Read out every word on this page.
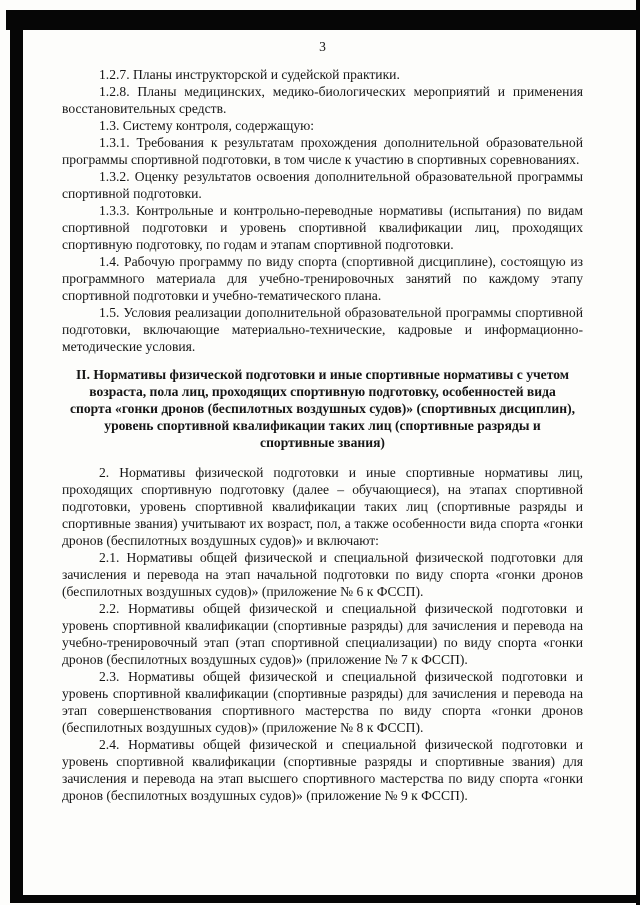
3

1.2.7. Планы инструкторской и судейской практики.

1.2.8. Планы медицинских, медико-биологических мероприятий и применения восстановительных средств.

1.3. Систему контроля, содержащую:

1.3.1. Требования к результатам прохождения дополнительной образовательной программы спортивной подготовки, в том числе к участию в спортивных соревнованиях.

1.3.2. Оценку результатов освоения дополнительной образовательной программы спортивной подготовки.

1.3.3. Контрольные и контрольно-переводные нормативы (испытания) по видам спортивной подготовки и уровень спортивной квалификации лиц, проходящих спортивную подготовку, по годам и этапам спортивной подготовки.

1.4. Рабочую программу по виду спорта (спортивной дисциплине), состоящую из программного материала для учебно-тренировочных занятий по каждому этапу спортивной подготовки и учебно-тематического плана.

1.5. Условия реализации дополнительной образовательной программы спортивной подготовки, включающие материально-технические, кадровые и информационно-методические условия.

II. Нормативы физической подготовки и иные спортивные нормативы с учетом возраста, пола лиц, проходящих спортивную подготовку, особенностей вида спорта «гонки дронов (беспилотных воздушных судов)» (спортивных дисциплин), уровень спортивной квалификации таких лиц (спортивные разряды и спортивные звания)

2. Нормативы физической подготовки и иные спортивные нормативы лиц, проходящих спортивную подготовку (далее – обучающиеся), на этапах спортивной подготовки, уровень спортивной квалификации таких лиц (спортивные разряды и спортивные звания) учитывают их возраст, пол, а также особенности вида спорта «гонки дронов (беспилотных воздушных судов)» и включают:

2.1. Нормативы общей физической и специальной физической подготовки для зачисления и перевода на этап начальной подготовки по виду спорта «гонки дронов (беспилотных воздушных судов)» (приложение № 6 к ФССП).

2.2. Нормативы общей физической и специальной физической подготовки и уровень спортивной квалификации (спортивные разряды) для зачисления и перевода на учебно-тренировочный этап (этап спортивной специализации) по виду спорта «гонки дронов (беспилотных воздушных судов)» (приложение № 7 к ФССП).

2.3. Нормативы общей физической и специальной физической подготовки и уровень спортивной квалификации (спортивные разряды) для зачисления и перевода на этап совершенствования спортивного мастерства по виду спорта «гонки дронов (беспилотных воздушных судов)» (приложение № 8 к ФССП).

2.4. Нормативы общей физической и специальной физической подготовки и уровень спортивной квалификации (спортивные разряды и спортивные звания) для зачисления и перевода на этап высшего спортивного мастерства по виду спорта «гонки дронов (беспилотных воздушных судов)» (приложение № 9 к ФССП).
